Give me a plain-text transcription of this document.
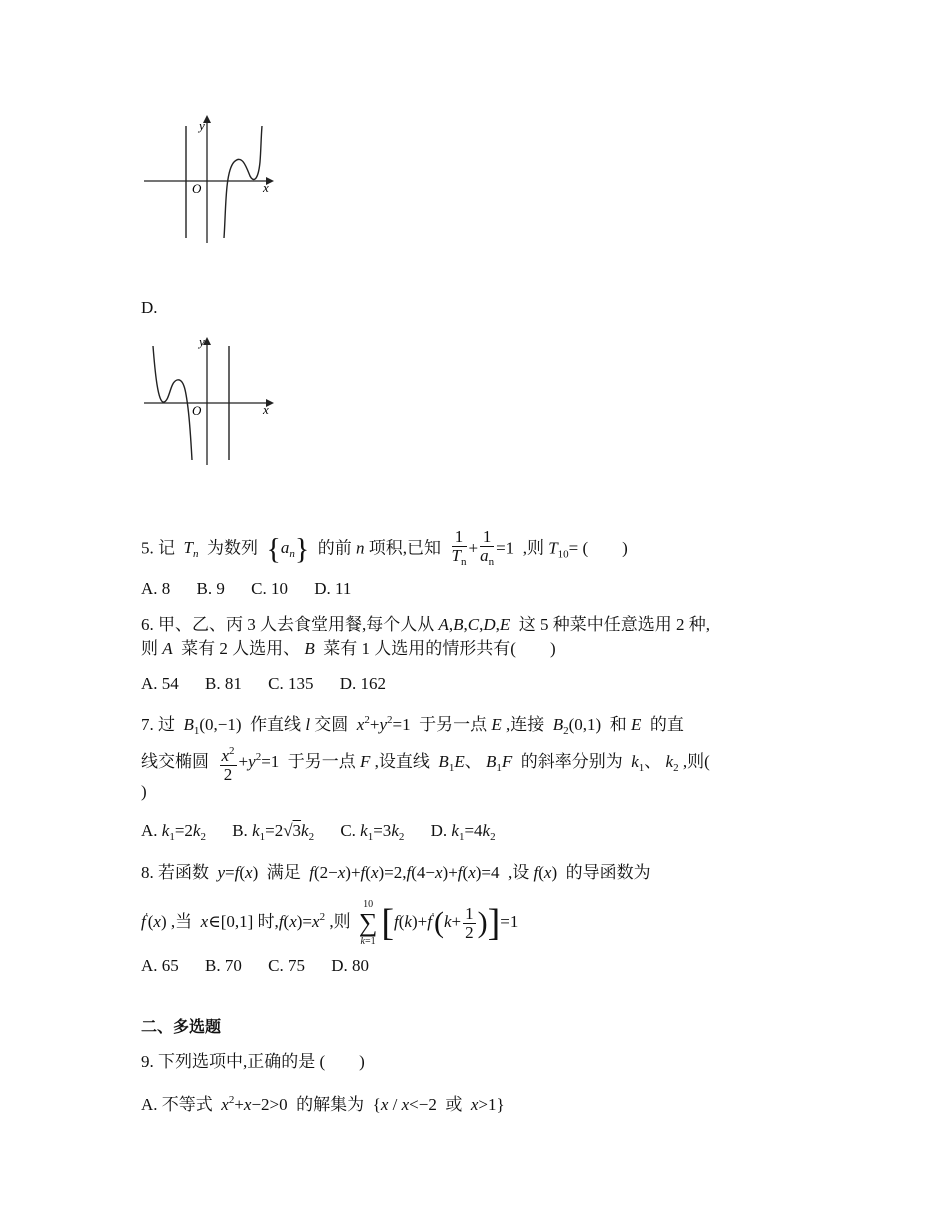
y
x
O
D.
y
x
O
5. 记 $T_n$ 为数列 $\{a_n\}$ 的前 n 项积,已知 $\frac{1}{T_n} + \frac{1}{a_n} =1$  ,则 $T_{10}=$ (　　)
A. 8 B. 9 C. 10 D. 11
6. 甲、乙、丙 3 人去食堂用餐,每个人从 A,B,C,D,E 这 5 种菜中任意选用 2 种,
则 A 菜有 2 人选用、 B 菜有 1 人选用的情形共有(　　)
A. 54 B. 81 C. 135 D. 162
7. 过 $B_1(0,-1)$  作直线 l 交圆 $x^2+y^2=1$  于另一点 E ,连接 $B_2(0,1)$  和 E 的直
线交椭圆 $\frac{x^2}{2} +y^2=1$  于另一点 F ,设直线 $B_1E$、 $B_1F$ 的斜率分别为 $k_1$、 $k_2$ ,则(
)
A. $k_1=2k_2$ B. $k_1=2√3k_2$ C. $k_1=3k_2$ D. $k_1=4k_2$
8. 若函数 y=f(x)  满足 f(2−x)+f(x)=2,f(4−x)+f(x)=4  ,设 f(x)  的导函数为
f'(x) ,当 x∈[0,1] 时$,f(x)=x^2$ ,则
10
∑
k=1 $[f(k)+f'(k+ \frac{1}{2} )]=1$
A. 65 B. 70 C. 75 D. 80
二、多选题
9. 下列选项中,正确的是 (　　)
A. 不等式 $x^2+x-2>0$  的解集为  {x / x<−2  或 x>1}
